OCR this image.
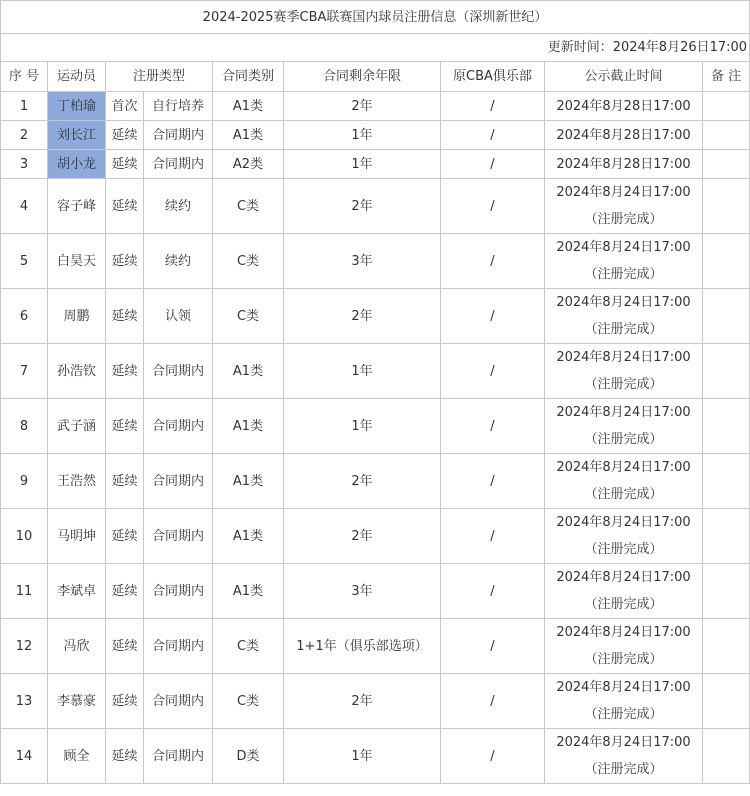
2024-2025赛季CBA联赛国内球员注册信息（深圳新世纪）								
更新时间：2024年8月26日17:00								
序 号	运动员	注册类型		合同类别	合同剩余年限	原CBA俱乐部	公示截止时间	备 注
1	丁柏瑜	首次	自行培养	A1类	2年	/	2024年8月28日17:00	

2	刘长江	延续	合同期内	A1类	1年	/	2024年8月28日17:00	

3	胡小龙	延续	合同期内	A2类	1年	/	2024年8月28日17:00	

4	容子峰	延续	续约	C类	2年	/	2024年8月24日17:00
（注册完成）	

5	白昊天	延续	续约	C类	3年	/	2024年8月24日17:00
（注册完成）	

6	周鹏	延续	认领	C类	2年	/	2024年8月24日17:00
（注册完成）	

7	孙浩钦	延续	合同期内	A1类	1年	/	2024年8月24日17:00
（注册完成）	

8	武子涵	延续	合同期内	A1类	1年	/	2024年8月24日17:00
（注册完成）	

9	王浩然	延续	合同期内	A1类	2年	/	2024年8月24日17:00
（注册完成）	

10	马明坤	延续	合同期内	A1类	2年	/	2024年8月24日17:00
（注册完成）	

11	李斌卓	延续	合同期内	A1类	3年	/	2024年8月24日17:00
（注册完成）	

12	冯欣	延续	合同期内	C类	1+1年（俱乐部选项）	/	2024年8月24日17:00
（注册完成）	

13	李慕豪	延续	合同期内	C类	2年	/	2024年8月24日17:00
（注册完成）	

14	顾全	延续	合同期内	D类	1年	/	2024年8月24日17:00
（注册完成）	
